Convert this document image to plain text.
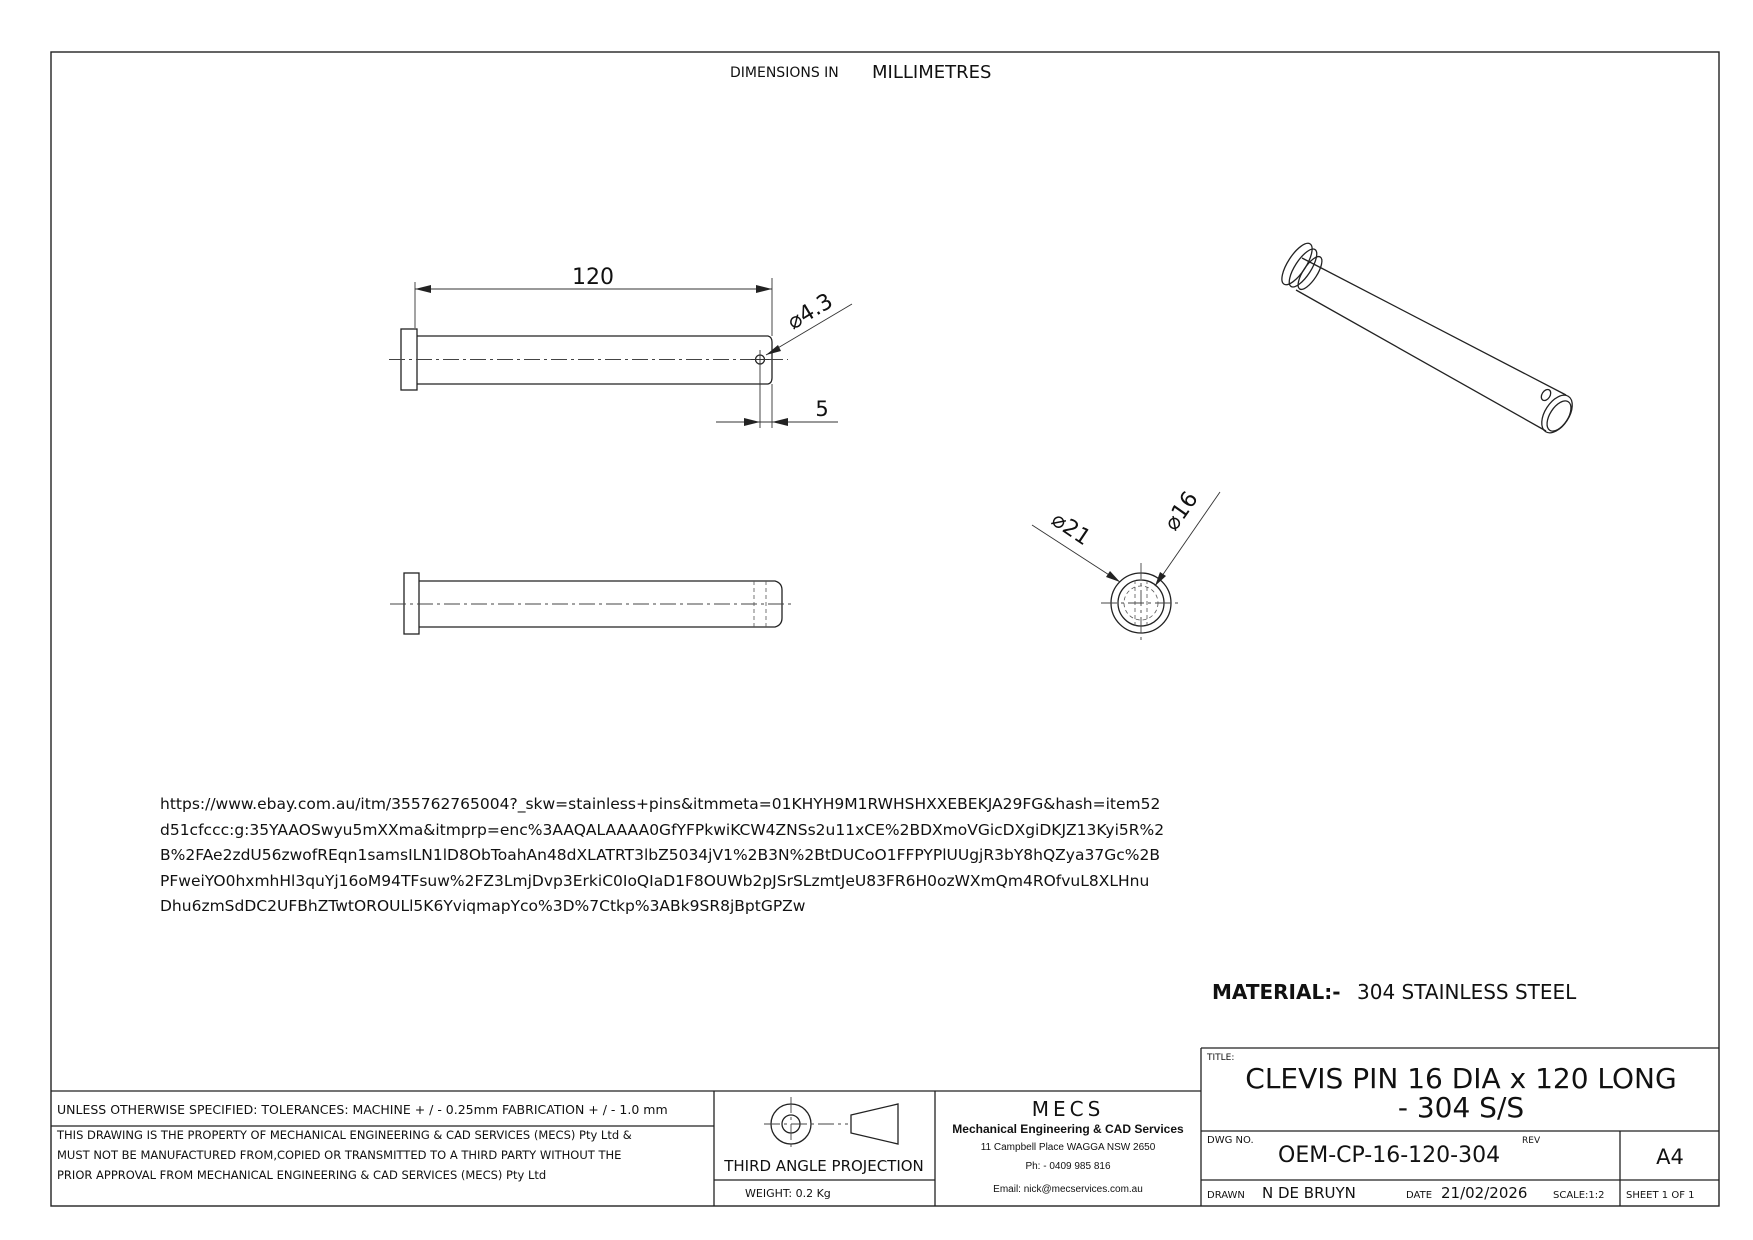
DIMENSIONS IN MILLIMETRES
120
⌀4.3
5
⌀21	⌀16
MATERIAL:- 304 STAINLESS STEEL
UNLESS OTHERWISE SPECIFIED: TOLERANCES: MACHINE + / - 0.25mm FABRICATION + / - 1.0 mm
THIS DRAWING IS THE PROPERTY OF MECHANICAL ENGINEERING & CAD SERVICES (MECS) Pty Ltd &
MUST NOT BE MANUFACTURED FROM,COPIED OR TRANSMITTED TO A THIRD PARTY WITHOUT THE
PRIOR APPROVAL FROM MECHANICAL ENGINEERING & CAD SERVICES (MECS) Pty Ltd	THIRD ANGLE PROJECTION
WEIGHT: 0.2 Kg
MECS
Mechanical Engineering & CAD Services
11 Campbell Place WAGGA NSW 2650
Ph: - 0409 985 816
Email: nick@mecservices.com.au
TITLE:
CLEVIS PIN 16 DIA x 120 LONG
- 304 S/S
DWG NO.
OEM-CP-16-120-304
REV
A4
DRAWN N DE BRUYN	DATE 21/02/2026	SCALE:1:2 SHEET 1 OF 1
https://www.ebay.com.au/itm/355762765004?_skw=stainless+pins&itmmeta=01KHYH9M1RWHSHXXEBEKJA29FG&hash=item52
d51cfccc:g:35YAAOSwyu5mXXma&itmprp=enc%3AAQALAAAA0GfYFPkwiKCW4ZNSs2u11xCE%2BDXmoVGicDXgiDKJZ13Kyi5R%2
B%2FAe2zdU56zwofREqn1samsILN1lD8ObToahAn48dXLATRT3lbZ5034jV1%2B3N%2BtDUCoO1FFPYPlUUgjR3bY8hQZya37Gc%2B
PFweiYO0hxmhHl3quYj16oM94TFsuw%2FZ3LmjDvp3ErkiC0IoQIaD1F8OUWb2pJSrSLzmtJeU83FR6H0ozWXmQm4ROfvuL8XLHnu
Dhu6zmSdDC2UFBhZTwtOROULl5K6YviqmapYco%3D%7Ctkp%3ABk9SR8jBptGPZw
